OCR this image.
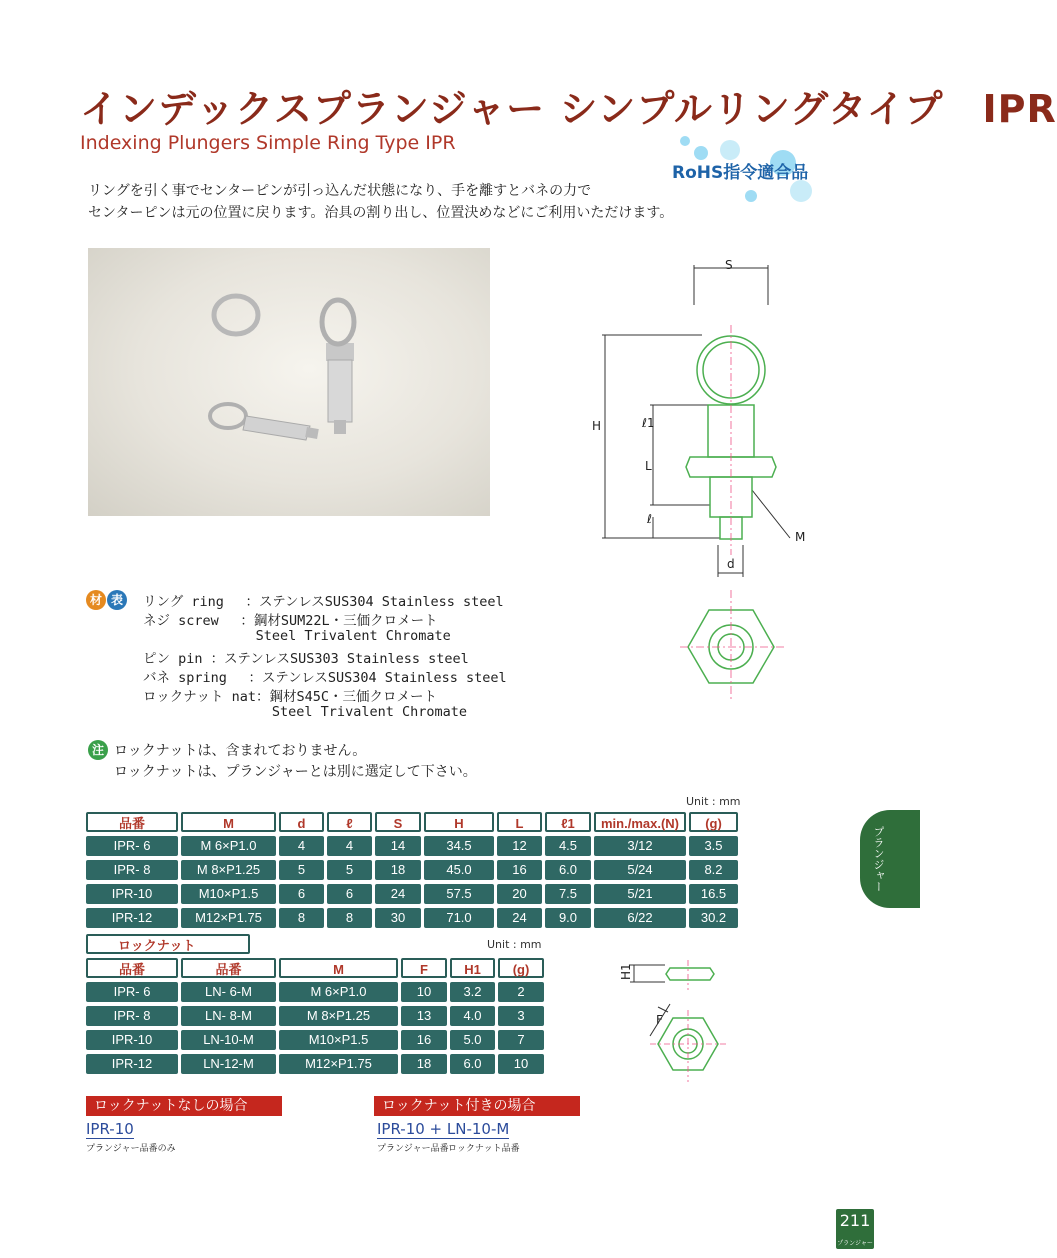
インデックスプランジャー シンプルリングタイプ　IPR
Indexing Plungers Simple Ring Type IPR
RoHS指令適合品
リングを引く事でセンターピンが引っ込んだ状態になり、手を離すとバネの力で
センターピンは元の位置に戻ります。治具の割り出し、位置決めなどにご利用いただけます。
S
H	ℓ1
L
ℓ
M
d
材 表 リング ring　 ：ステンレスSUS304 Stainless steel
ネジ screw　 ：鋼材SUM22L・三価クロメート
Steel Trivalent Chromate
ピン pin ：ステンレスSUS303 Stainless steel
バネ spring　 ：ステンレスSUS304 Stainless steel
ロックナット nat：鋼材S45C・三価クロメート
Steel Trivalent Chromate
注 ロックナットは、含まれておりません。
ロックナットは、プランジャーとは別に選定して下さい。
Unit : mm
品番	M	d	ℓ	S	H	L	ℓ1	min./max.(N)	(g)
IPR- 6	M 6×P1.0	4	4	14	34.5	12	4.5	3/12	3.5
IPR- 8	M 8×P1.25	5	5	18	45.0	16	6.0	5/24	8.2
IPR-10	M10×P1.5	6	6	24	57.5	20	7.5	5/21	16.5
IPR-12	M12×P1.75	8	8	30	71.0	24	9.0	6/22	30.2
ロックナット	Unit : mm
品番	品番	M	F	H1	(g)
IPR- 6	LN- 6-M	M 6×P1.0	10	3.2	2
IPR- 8	LN- 8-M	M 8×P1.25	13	4.0	3
IPR-10	LN-10-M	M10×P1.5	16	5.0	7
IPR-12	LN-12-M	M12×P1.75	18	6.0	10
H1
F
ロックナットなしの場合
IPR-10
プランジャー品番のみ
ロックナット付きの場合
IPR-10 + LN-10-M
プランジャー品番 ロックナット品番
プランジャー
211
プランジャー
